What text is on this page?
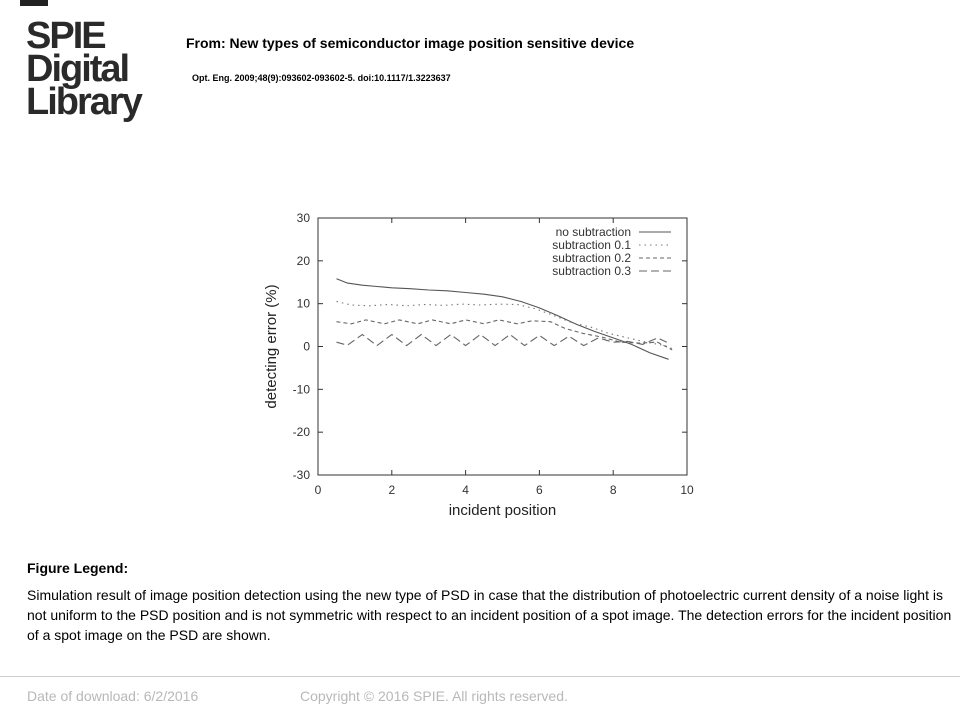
SPIE
Digital
Library
From: New types of semiconductor image position sensitive device
Opt. Eng. 2009;48(9):093602-093602-5. doi:10.1117/1.3223637
30
20
10
0
-10
-20
-30
0	2	4	6	8	10
incident position
detecting error (%)
no subtraction
subtraction 0.1
subtraction 0.2
subtraction 0.3
Figure Legend:
Simulation result of image position detection using the new type of PSD in case that the distribution of photoelectric current density of a noise light is not uniform to the PSD position and is not symmetric with respect to an incident position of a spot image. The detection errors for the incident position of a spot image on the PSD are shown.
Date of download: 6/2/2016	Copyright © 2016 SPIE. All rights reserved.
